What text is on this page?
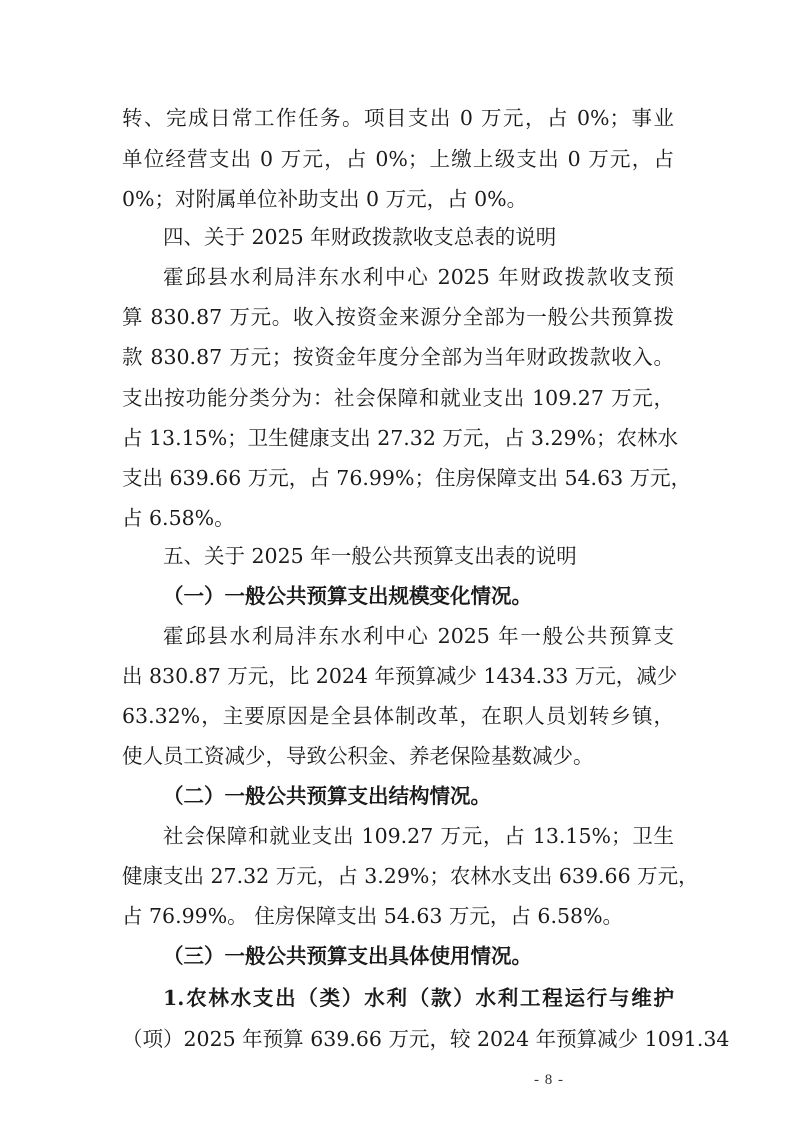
转、完成日常工作任务。项目支出 0 万元，占 0%；事业
单位经营支出 0 万元，占 0%；上缴上级支出 0 万元，占
0%；对附属单位补助支出 0 万元，占 0%。
四、关于 2025 年财政拨款收支总表的说明
霍邱县水利局沣东水利中心 2025 年财政拨款收支预
算 830.87 万元。收入按资金来源分全部为一般公共预算拨
款 830.87 万元；按资金年度分全部为当年财政拨款收入。
支出按功能分类分为：社会保障和就业支出 109.27 万元，
占 13.15%；卫生健康支出 27.32 万元，占 3.29%；农林水
支出 639.66 万元，占 76.99%；住房保障支出 54.63 万元，
占 6.58%。
五、关于 2025 年一般公共预算支出表的说明
（一）一般公共预算支出规模变化情况。
霍邱县水利局沣东水利中心 2025 年一般公共预算支
出 830.87 万元，比 2024 年预算减少 1434.33 万元，减少
63.32%，主要原因是全县体制改革，在职人员划转乡镇，
使人员工资减少，导致公积金、养老保险基数减少。
（二）一般公共预算支出结构情况。
社会保障和就业支出 109.27 万元，占 13.15%；卫生
健康支出 27.32 万元，占 3.29%；农林水支出 639.66 万元，
占 76.99%。 住房保障支出 54.63 万元，占 6.58%。
（三）一般公共预算支出具体使用情况。
1.农林水支出（类）水利（款）水利工程运行与维护
（项）2025 年预算 639.66 万元，较 2024 年预算减少 1091.34
- 8 -
